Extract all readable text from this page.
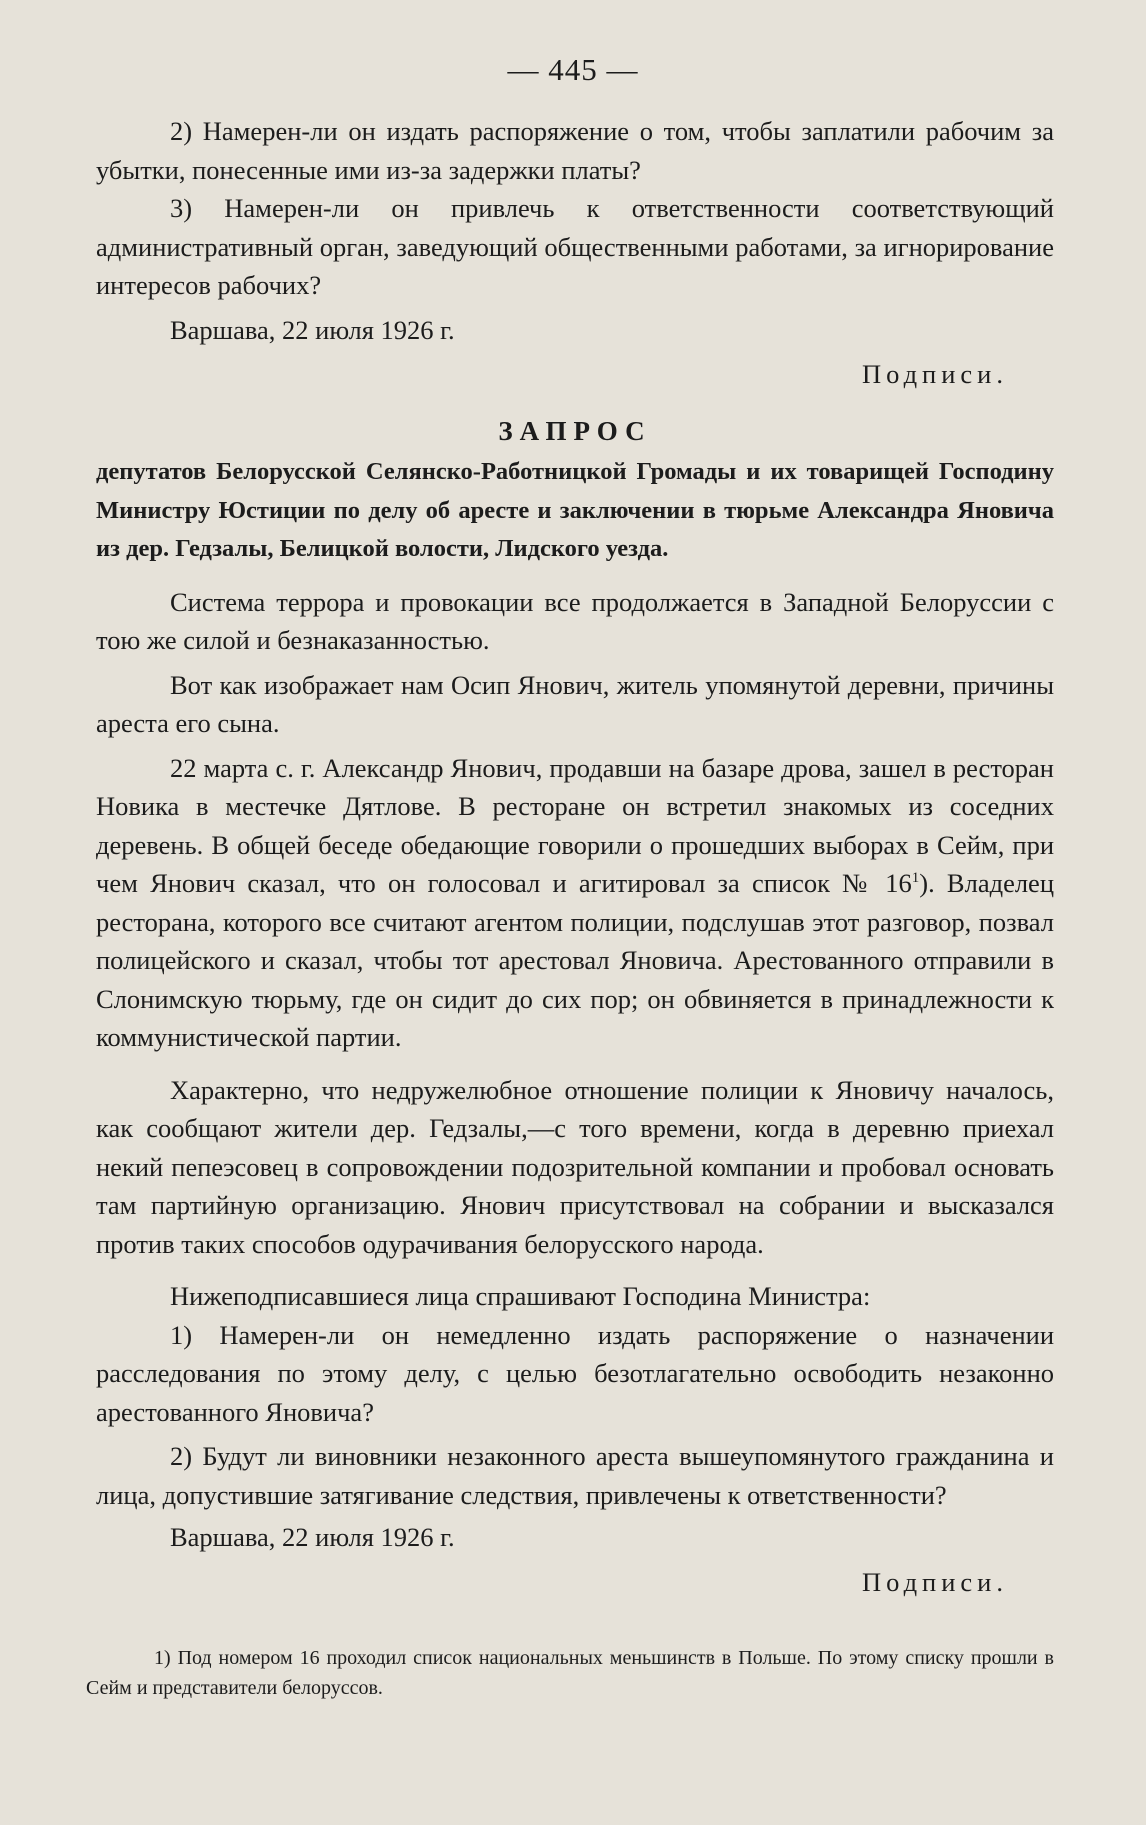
— 445 —

2) Намерен-ли он издать распоряжение о том, чтобы заплатили рабочим за убытки, понесенные ими из-за задержки платы?

3) Намерен-ли он привлечь к ответственности соответствующий административный орган, заведующий общественными работами, за игнорирование интересов рабочих?

Варшава, 22 июля 1926 г.

Подписи.

ЗАПРОС

депутатов Белорусской Селянско-Работницкой Громады и их товарищей Господину Министру Юстиции по делу об аресте и заключении в тюрьме Александра Яновича из дер. Гедзалы, Белицкой волости, Лидского уезда.

Система террора и провокации все продолжается в Западной Белоруссии с тою же силой и безнаказанностью.

Вот как изображает нам Осип Янович, житель упомянутой деревни, причины ареста его сына.

22 марта с. г. Александр Янович, продавши на базаре дрова, зашел в ресторан Новика в местечке Дятлове. В ресторане он встретил знакомых из соседних деревень. В общей беседе обедающие говорили о прошедших выборах в Сейм, при чем Янович сказал, что он голосовал и агитировал за список № $16^1$). Владелец ресторана, которого все считают агентом полиции, подслушав этот разговор, позвал полицейского и сказал, чтобы тот арестовал Яновича. Арестованного отправили в Слонимскую тюрьму, где он сидит до сих пор; он обвиняется в принадлежности к коммунистической партии.

Характерно, что недружелюбное отношение полиции к Яновичу началось, как сообщают жители дер. Гедзалы,—с того времени, когда в деревню приехал некий пепеэсовец в сопровождении подозрительной компании и пробовал основать там партийную организацию. Янович присутствовал на собрании и высказался против таких способов одурачивания белорусского народа.

Нижеподписавшиеся лица спрашивают Господина Министра:

1) Намерен-ли он немедленно издать распоряжение о назначении расследования по этому делу, с целью безотлагательно освободить незаконно арестованного Яновича?

2) Будут ли виновники незаконного ареста вышеупомянутого гражданина и лица, допустившие затягивание следствия, привлечены к ответственности?

Варшава, 22 июля 1926 г.

Подписи.

1) Под номером 16 проходил список национальных меньшинств в Польше. По этому списку прошли в Сейм и представители белоруссов.
